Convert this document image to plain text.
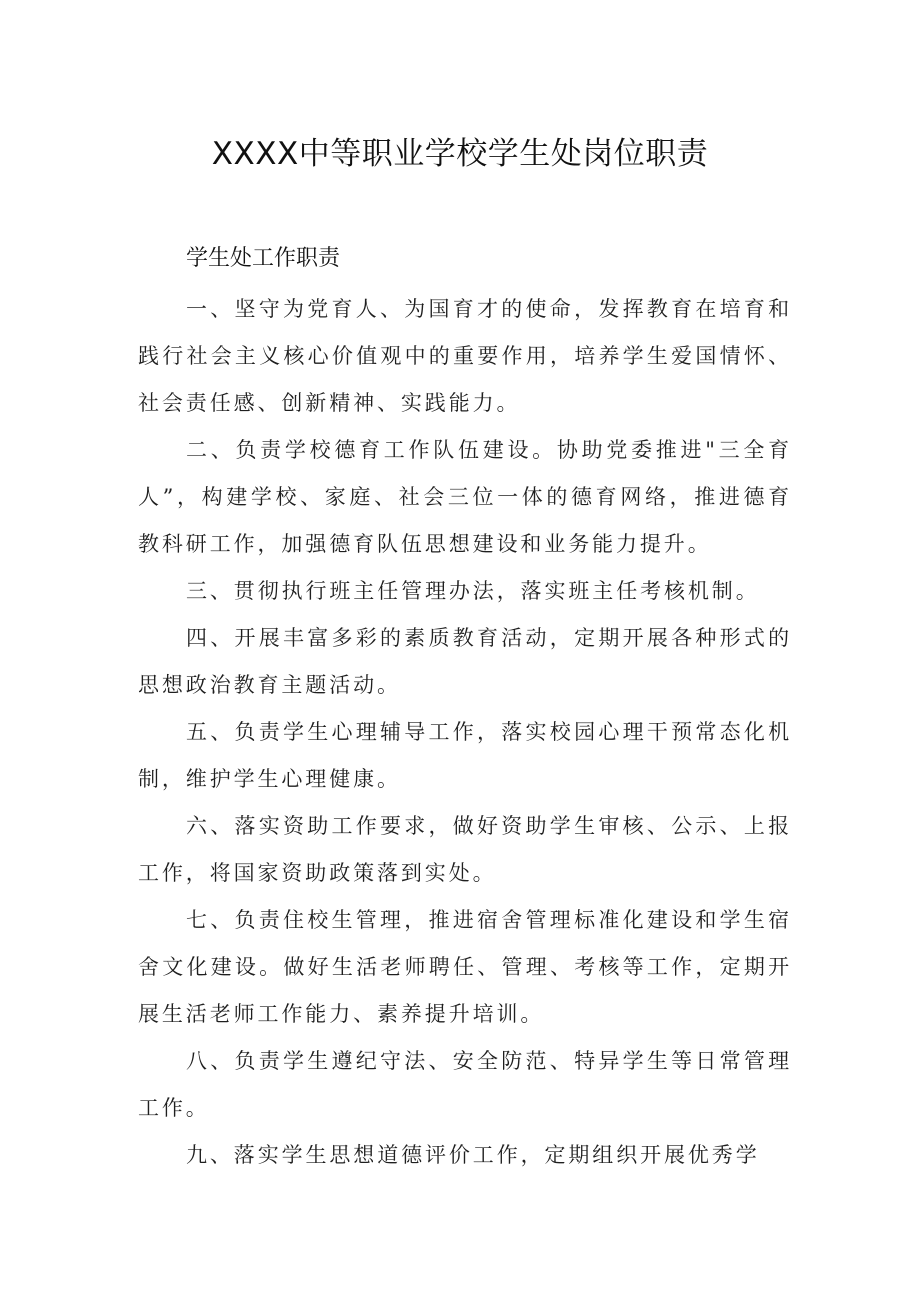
XXXX中等职业学校学生处岗位职责
学生处工作职责

一、坚守为党育人、为国育才的使命，发挥教育在培育和践行社会主义核心价值观中的重要作用，培养学生爱国情怀、社会责任感、创新精神、实践能力。

二、负责学校德育工作队伍建设。协助党委推进"三全育人”，构建学校、家庭、社会三位一体的德育网络，推进德育教科研工作，加强德育队伍思想建设和业务能力提升。

三、贯彻执行班主任管理办法，落实班主任考核机制。

四、开展丰富多彩的素质教育活动，定期开展各种形式的思想政治教育主题活动。

五、负责学生心理辅导工作，落实校园心理干预常态化机制，维护学生心理健康。

六、落实资助工作要求，做好资助学生审核、公示、上报工作，将国家资助政策落到实处。

七、负责住校生管理，推进宿舍管理标准化建设和学生宿舍文化建设。做好生活老师聘任、管理、考核等工作，定期开展生活老师工作能力、素养提升培训。

八、负责学生遵纪守法、安全防范、特异学生等日常管理工作。

九、落实学生思想道德评价工作，定期组织开展优秀学
